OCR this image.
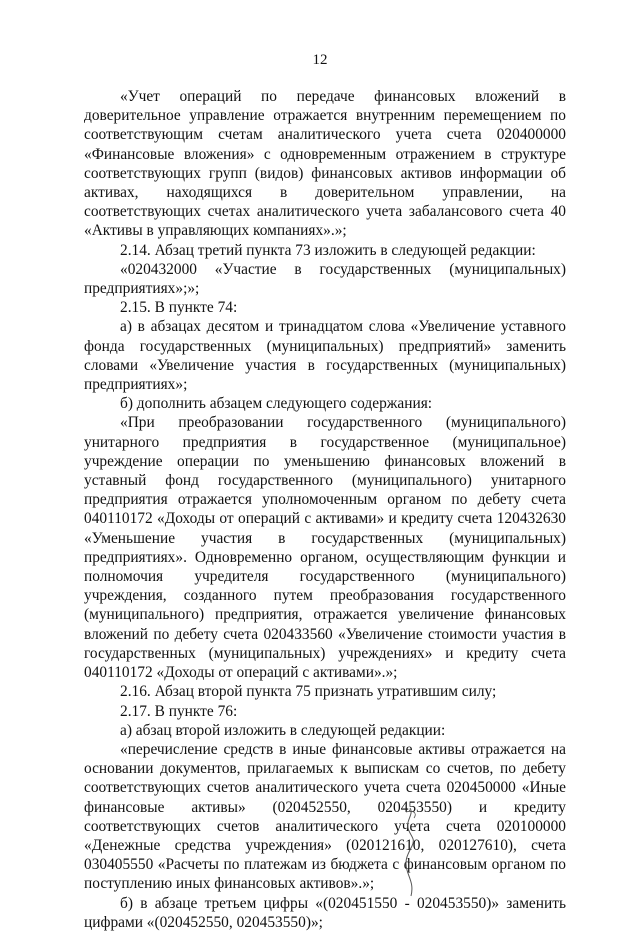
12

«Учет операций по передаче финансовых вложений в доверительное управление отражается внутренним перемещением по соответствующим счетам аналитического учета счета 020400000 «Финансовые вложения» с одновременным отражением в структуре соответствующих групп (видов) финансовых активов информации об активах, находящихся в доверительном управлении, на соответствующих счетах аналитического учета забалансового счета 40 «Активы в управляющих компаниях».»;

2.14. Абзац третий пункта 73 изложить в следующей редакции:

«020432000 «Участие в государственных (муниципальных) предприятиях»;»;

2.15. В пункте 74:

а) в абзацах десятом и тринадцатом слова «Увеличение уставного фонда государственных (муниципальных) предприятий» заменить словами «Увеличение участия в государственных (муниципальных) предприятиях»;

б) дополнить абзацем следующего содержания:

«При преобразовании государственного (муниципального) унитарного предприятия в государственное (муниципальное) учреждение операции по уменьшению финансовых вложений в уставный фонд государственного (муниципального) унитарного предприятия отражается уполномоченным органом по дебету счета 040110172 «Доходы от операций с активами» и кредиту счета 120432630 «Уменьшение участия в государственных (муниципальных) предприятиях». Одновременно органом, осуществляющим функции и полномочия учредителя государственного (муниципального) учреждения, созданного путем преобразования государственного (муниципального) предприятия, отражается увеличение финансовых вложений по дебету счета 020433560 «Увеличение стоимости участия в государственных (муниципальных) учреждениях» и кредиту счета 040110172 «Доходы от операций с активами».»;

2.16. Абзац второй пункта 75 признать утратившим силу;

2.17. В пункте 76:

а) абзац второй изложить в следующей редакции:

«перечисление средств в иные финансовые активы отражается на основании документов, прилагаемых к выпискам со счетов, по дебету соответствующих счетов аналитического учета счета 020450000 «Иные финансовые активы» (020452550, 020453550) и кредиту соответствующих счетов аналитического учета счета 020100000 «Денежные средства учреждения» (020121610, 020127610), счета 030405550 «Расчеты по платежам из бюджета с финансовым органом по поступлению иных финансовых активов».»;

б) в абзаце третьем цифры «(020451550 - 020453550)» заменить цифрами «(020452550, 020453550)»;
